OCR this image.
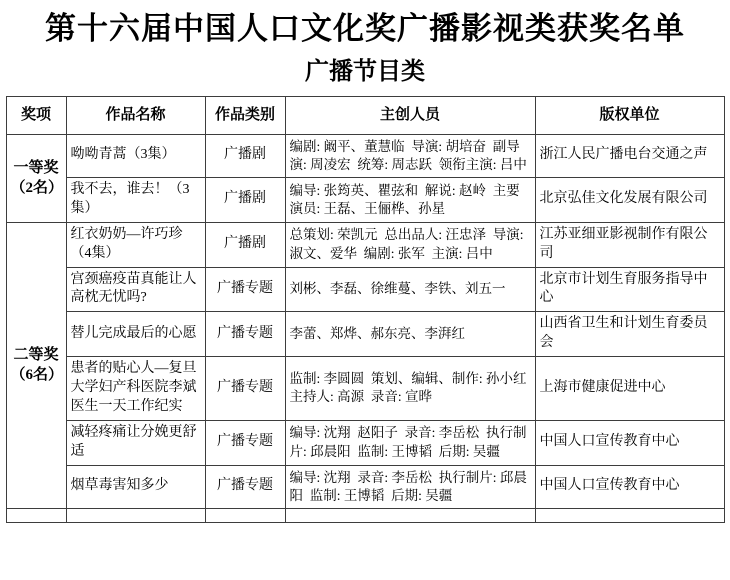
第十六届中国人口文化奖广播影视类获奖名单
广播节目类
奖项	作品名称	作品类别	主创人员	版权单位

一等奖
（2名）	呦呦青蒿（3集）	广播剧	编剧: 阚平、董慧临  导演: 胡培奋  副导演: 周凌宏  统筹: 周志跃  领衔主演: 吕中	浙江人民广播电台交通之声
	我不去，谁去！（3集）	广播剧	编导: 张筠英、瞿弦和  解说: 赵岭  主要演员: 王磊、王俪桦、孙星	北京弘佳文化发展有限公司

二等奖
（6名）	红衣奶奶—许巧珍（4集）	广播剧	总策划: 荣凯元  总出品人: 汪忠泽  导演: 淑文、爱华  编剧: 张军  主演: 吕中	江苏亚细亚影视制作有限公司
	宫颈癌疫苗真能让人高枕无忧吗?	广播专题	刘彬、李磊、徐维蔓、李铁、刘五一	北京市计划生育服务指导中心
	替儿完成最后的心愿	广播专题	李蕾、郑烨、郝东亮、李湃红	山西省卫生和计划生育委员会
	患者的贴心人—复旦大学妇产科医院李斌医生一天工作纪实	广播专题	监制: 李圆圆  策划、编辑、制作: 孙小红  主持人: 高源  录音: 宣晔	上海市健康促进中心
	减轻疼痛让分娩更舒适	广播专题	编导: 沈翔  赵阳子  录音: 李岳松  执行制片: 邱晨阳  监制: 王博韬  后期: 吴疆	中国人口宣传教育中心
	烟草毒害知多少	广播专题	编导: 沈翔  录音: 李岳松  执行制片: 邱晨阳  监制: 王博韬  后期: 吴疆	中国人口宣传教育中心
